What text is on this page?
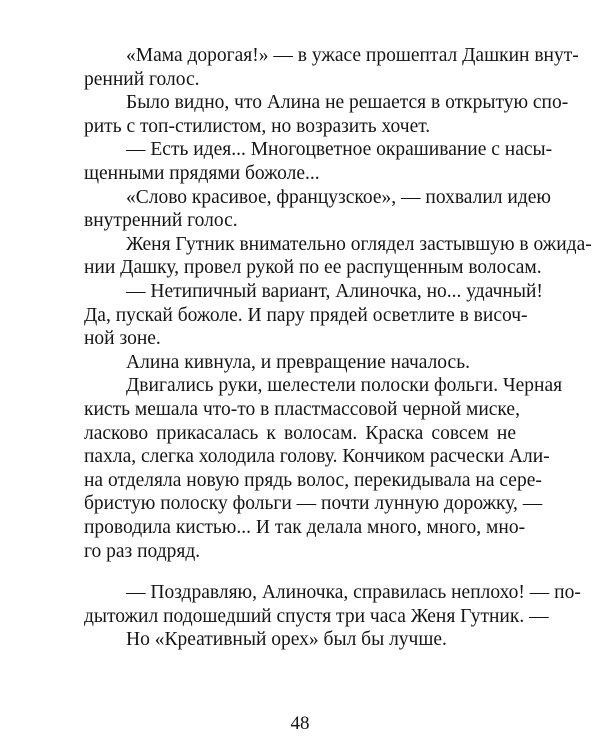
«Мама дорогая!» — в ужасе прошептал Дашкин внут-
ренний голос.
Было видно, что Алина не решается в открытую спо-
рить с топ-стилистом, но возразить хочет.
— Есть идея... Многоцветное окрашивание с насы-
щенными прядями божоле...
«Слово красивое, французское», — похвалил идею
внутренний голос.
Женя Гутник внимательно оглядел застывшую в ожида-
нии Дашку, провел рукой по ее распущенным волосам.
— Нетипичный вариант, Алиночка, но... удачный!
Да, пускай божоле. И пару прядей осветлите в височ-
ной зоне.
Алина кивнула, и превращение началось.
Двигались руки, шелестели полоски фольги. Черная
кисть мешала что-то в пластмассовой черной миске,
ласково прикасалась к волосам. Краска совсем не
пахла, слегка холодила голову. Кончиком расчески Али-
на отделяла новую прядь волос, перекидывала на сере-
бристую полоску фольги — почти лунную дорожку, —
проводила кистью... И так делала много, много, мно-
го раз подряд.
— Поздравляю, Алиночка, справилась неплохо! — по-
дытожил подошедший спустя три часа Женя Гутник. —
Но «Креативный орех» был бы лучше.
48
